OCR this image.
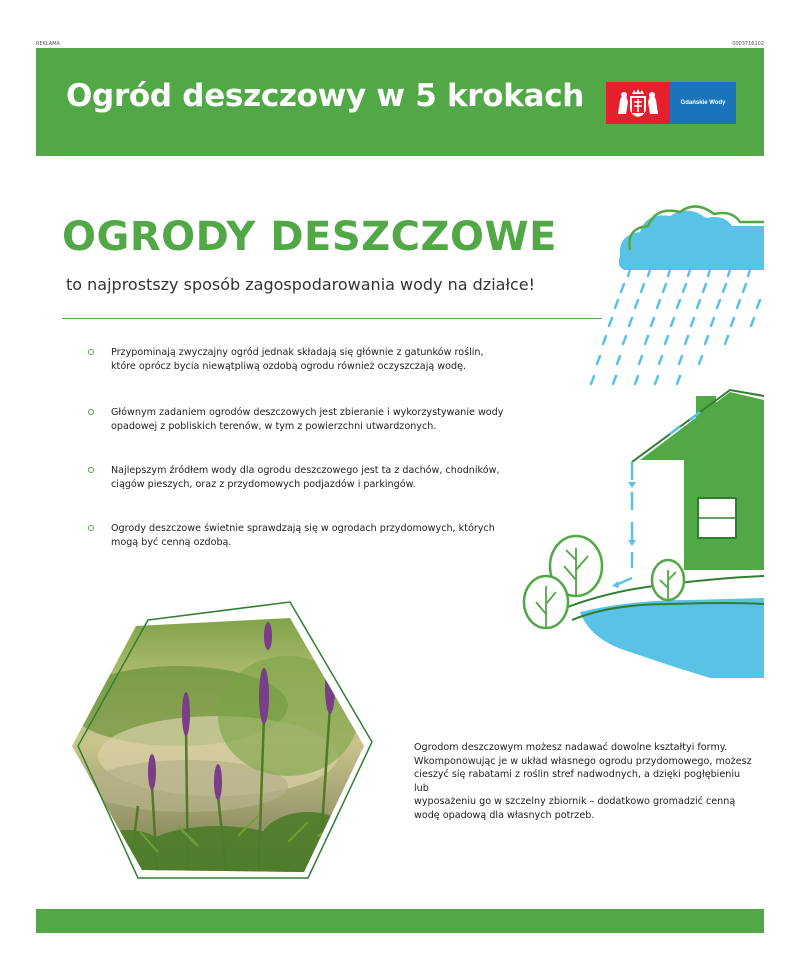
REKLAMA	0003716102
Ogród deszczowy w 5 krokach	Gdańskie Wody
OGRODY DESZCZOWE
to najprostszy sposób zagospodarowania wody na działce!
Przypominają zwyczajny ogród jednak składają się głównie z gatunków roślin,
które oprócz bycia niewątpliwą ozdobą ogrodu również oczyszczają wodę.
Głównym zadaniem ogrodów deszczowych jest zbieranie i wykorzystywanie wody
opadowej z pobliskich terenów, w tym z powierzchni utwardzonych.
Najlepszym źródłem wody dla ogrodu deszczowego jest ta z dachów, chodników,
ciągów pieszych, oraz z przydomowych podjazdów i parkingów.
Ogrody deszczowe świetnie sprawdzają się w ogrodach przydomowych, których
mogą być cenną ozdobą.
Ogrodom deszczowym możesz nadawać dowolne kształtyi formy.
Wkomponowując je w układ własnego ogrodu przydomowego, możesz
cieszyć się rabatami z roślin stref nadwodnych, a dzięki pogłębieniu lub
wyposażeniu go w szczelny zbiornik – dodatkowo gromadzić cenną
wodę opadową dla własnych potrzeb.
